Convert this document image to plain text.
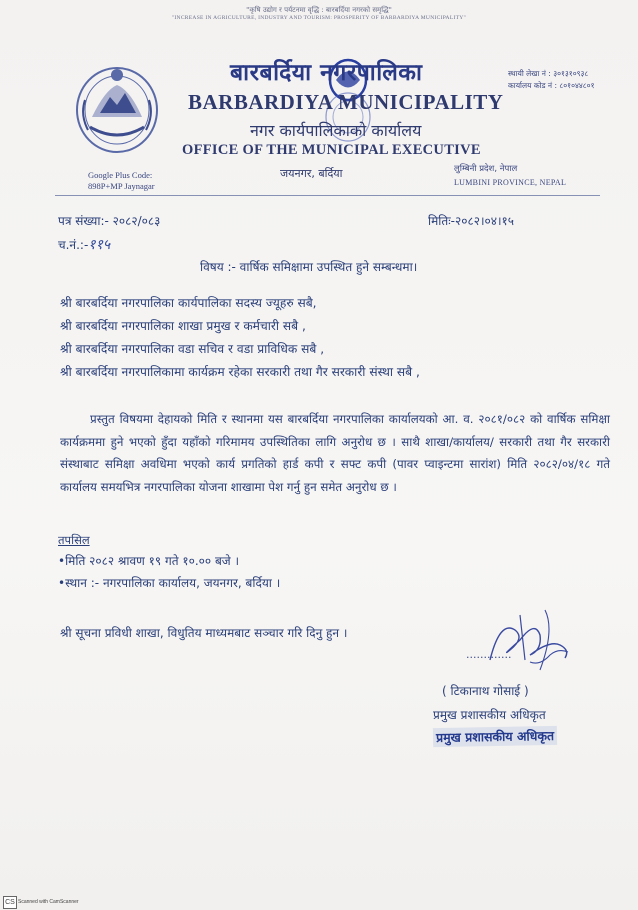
"कृषि उद्योग र पर्यटनमा वृद्धि : बारबर्दिया नगरको समृद्धि"
"INCREASE IN AGRICULTURE, INDUSTRY AND TOURISM: PROSPERITY OF BARBARDIYA MUNICIPALITY"
बारबर्दिया नगरपालिका
BARBARDIYA MUNICIPALITY
नगर कार्यपालिकाको कार्यालय
OFFICE OF THE MUNICIPAL EXECUTIVE
जयनगर, बर्दिया
स्थायी लेखा नं : ३०१३१०९३८
कार्यालय कोड नं : ८०१०४४८०१
Google Plus Code:
898P+MP Jaynagar
लुम्बिनी प्रदेश, नेपाल
LUMBINI PROVINCE, NEPAL
पत्र संख्या:- २०८२/०८३	मितिः-२०८२।०४।१५
च.नं.:-११५
विषय :- वार्षिक समिक्षामा उपस्थित हुने सम्बन्धमा।
श्री बारबर्दिया नगरपालिका कार्यपालिका सदस्य ज्यूहरु सबै,
श्री बारबर्दिया नगरपालिका शाखा प्रमुख र कर्मचारी सबै ,
श्री बारबर्दिया नगरपालिका वडा सचिव र वडा प्राविधिक सबै ,
श्री बारबर्दिया नगरपालिकामा कार्यक्रम रहेका सरकारी तथा गैर सरकारी संस्था सबै ,
प्रस्तुत विषयमा देहायको मिति र स्थानमा यस बारबर्दिया नगरपालिका कार्यालयको आ. व. २०८१/०८२ को वार्षिक समिक्षा कार्यक्रममा हुने भएको हुँदा यहाँको गरिमामय उपस्थितिका लागि अनुरोध छ । साथै शाखा/कार्यालय/ सरकारी तथा गैर सरकारी संस्थाबाट समिक्षा अवधिमा भएको कार्य प्रगतिको हार्ड कपी र सफ्ट कपी (पावर प्वाइन्टमा सारांश) मिति २०८२/०४/१८ गते कार्यालय समयभित्र नगरपालिका योजना शाखामा पेश गर्नु हुन समेत अनुरोध छ ।
तपसिल
•मिति २०८२ श्रावण १९ गते १०.०० बजे ।
•स्थान :- नगरपालिका कार्यालय, जयनगर, बर्दिया ।
श्री सूचना प्रविधी शाखा, विधुतिय माध्यमबाट सञ्चार गरि दिनु हुन ।
.............
( टिकानाथ गोसाई )
प्रमुख प्रशासकीय अधिकृत
प्रमुख प्रशासकीय अधिकृत
CS Scanned with CamScanner
